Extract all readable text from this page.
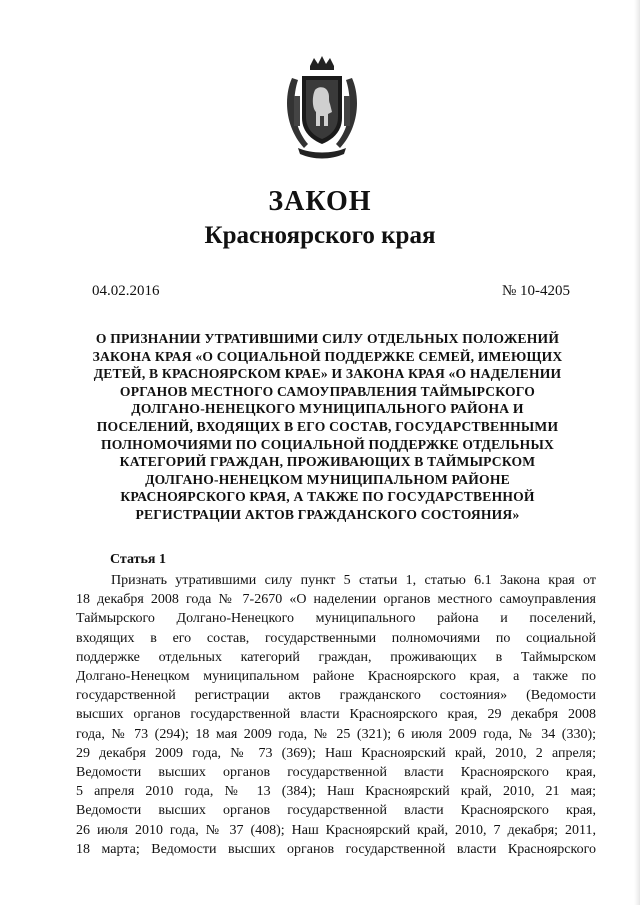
ЗАКОН
Красноярского края
04.02.2016	№ 10-4205
О ПРИЗНАНИИ УТРАТИВШИМИ СИЛУ ОТДЕЛЬНЫХ ПОЛОЖЕНИЙ
ЗАКОНА КРАЯ «О СОЦИАЛЬНОЙ ПОДДЕРЖКЕ СЕМЕЙ, ИМЕЮЩИХ
ДЕТЕЙ, В КРАСНОЯРСКОМ КРАЕ» И ЗАКОНА КРАЯ «О НАДЕЛЕНИИ
ОРГАНОВ МЕСТНОГО САМОУПРАВЛЕНИЯ ТАЙМЫРСКОГО
ДОЛГАНО-НЕНЕЦКОГО МУНИЦИПАЛЬНОГО РАЙОНА И
ПОСЕЛЕНИЙ, ВХОДЯЩИХ В ЕГО СОСТАВ, ГОСУДАРСТВЕННЫМИ
ПОЛНОМОЧИЯМИ ПО СОЦИАЛЬНОЙ ПОДДЕРЖКЕ ОТДЕЛЬНЫХ
КАТЕГОРИЙ ГРАЖДАН, ПРОЖИВАЮЩИХ В ТАЙМЫРСКОМ
ДОЛГАНО-НЕНЕЦКОМ МУНИЦИПАЛЬНОМ РАЙОНЕ
КРАСНОЯРСКОГО КРАЯ, А ТАКЖЕ ПО ГОСУДАРСТВЕННОЙ
РЕГИСТРАЦИИ АКТОВ ГРАЖДАНСКОГО СОСТОЯНИЯ»
Статья 1
Признать утратившими силу пункт 5 статьи 1, статью 6.1 Закона края от
18 декабря 2008 года № 7-2670 «О наделении органов местного самоуправления
Таймырского Долгано-Ненецкого муниципального района и поселений,
входящих в его состав, государственными полномочиями по социальной
поддержке отдельных категорий граждан, проживающих в Таймырском
Долгано-Ненецком муниципальном районе Красноярского края, а также по
государственной регистрации актов гражданского состояния» (Ведомости
высших органов государственной власти Красноярского края, 29 декабря 2008
года, № 73 (294); 18 мая 2009 года, № 25 (321); 6 июля 2009 года, № 34 (330);
29 декабря 2009 года, № 73 (369); Наш Красноярский край, 2010, 2 апреля;
Ведомости высших органов государственной власти Красноярского края,
5 апреля 2010 года, № 13 (384); Наш Красноярский край, 2010, 21 мая;
Ведомости высших органов государственной власти Красноярского края,
26 июля 2010 года, № 37 (408); Наш Красноярский край, 2010, 7 декабря; 2011,
18 марта; Ведомости высших органов государственной власти Красноярского
